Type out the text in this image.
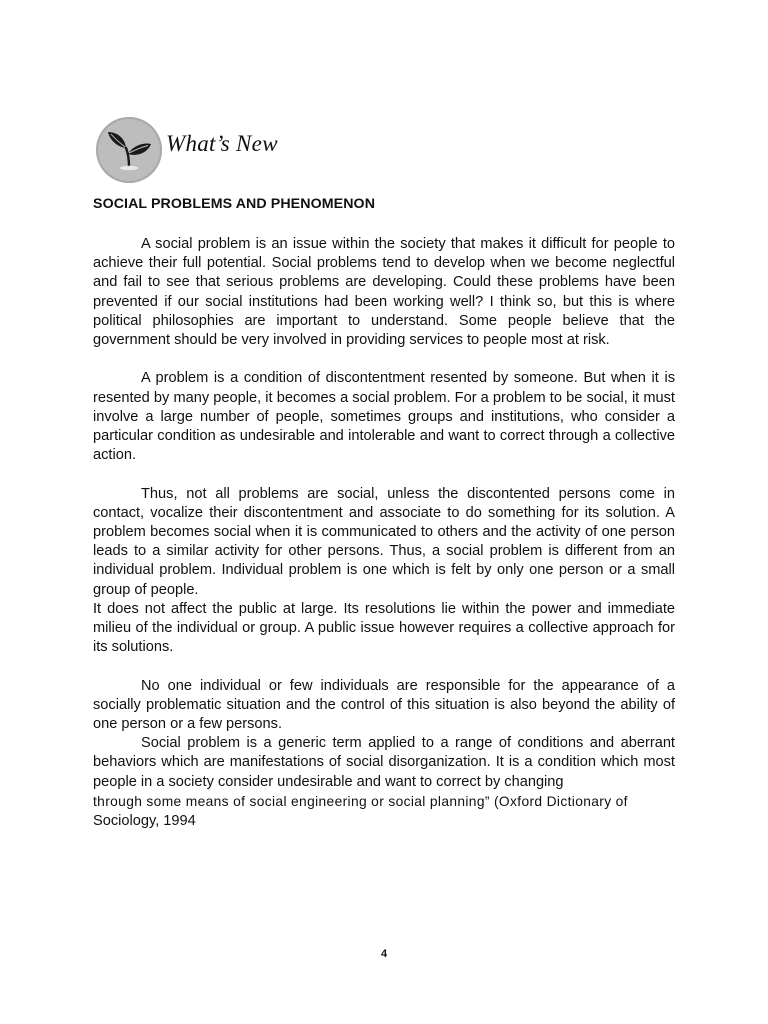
What’s New
SOCIAL PROBLEMS AND PHENOMENON

A social problem is an issue within the society that makes it difficult for people to achieve their full potential. Social problems tend to develop when we become neglectful and fail to see that serious problems are developing. Could these problems have been prevented if our social institutions had been working well? I think so, but this is where political philosophies are important to understand. Some people believe that the government should be very involved in providing services to people most at risk.

A problem is a condition of discontentment resented by someone. But when it is resented by many people, it becomes a social problem. For a problem to be social, it must involve a large number of people, sometimes groups and institutions, who consider a particular condition as undesirable and intolerable and want to correct through a collective action.

Thus, not all problems are social, unless the discontented persons come in contact, vocalize their discontentment and associate to do something for its solution. A problem becomes social when it is communicated to others and the activity of one person leads to a similar activity for other persons. Thus, a social problem is different from an individual problem. Individual problem is one which is felt by only one person or a small group of people.

It does not affect the public at large. Its resolutions lie within the power and immediate milieu of the individual or group. A public issue however requires a collective approach for its solutions.

No one individual or few individuals are responsible for the appearance of a socially problematic situation and the control of this situation is also beyond the ability of one person or a few persons.

Social problem is a generic term applied to a range of conditions and aberrant behaviors which are manifestations of social disorganization. It is a condition which most people in a society consider undesirable and want to correct by changing

through some means of social engineering or social planning” (Oxford Dictionary of

Sociology, 1994

4
